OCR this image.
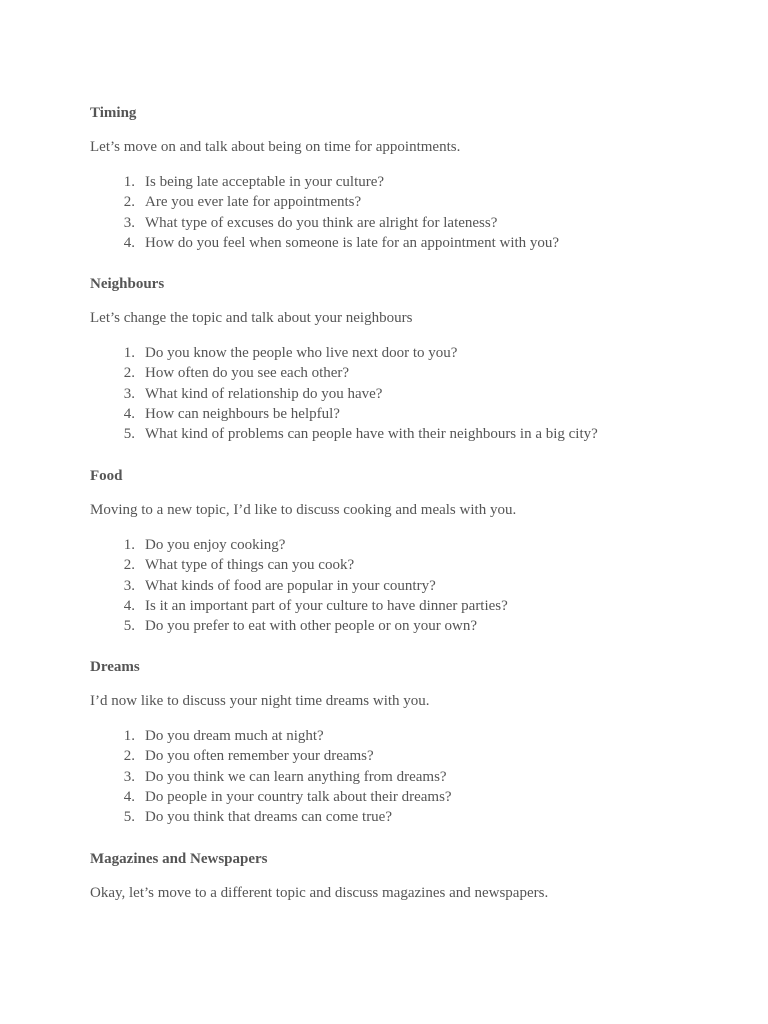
Timing

Let’s move on and talk about being on time for appointments.

1 . Is being late acceptable in your culture?
2 . Are you ever late for appointments?
3 . What type of excuses do you think are alright for lateness?
4 . How do you feel when someone is late for an appointment with you?

Neighbours

Let’s change the topic and talk about your neighbours

1 . Do you know the people who live next door to you?
2 . How often do you see each other?
3 . What kind of relationship do you have?
4 . How can neighbours be helpful?
5 . What kind of problems can people have with their neighbours in a big city?

Food

Moving to a new topic, I’d like to discuss cooking and meals with you.

1 . Do you enjoy cooking?
2 . What type of things can you cook?
3 . What kinds of food are popular in your country?
4 . Is it an important part of your culture to have dinner parties?
5 . Do you prefer to eat with other people or on your own?

Dreams

I’d now like to discuss your night time dreams with you.

1 . Do you dream much at night?
2 . Do you often remember your dreams?
3 . Do you think we can learn anything from dreams?
4 . Do people in your country talk about their dreams?
5 . Do you think that dreams can come true?

Magazines and Newspapers

Okay, let’s move to a different topic and discuss magazines and newspapers.
